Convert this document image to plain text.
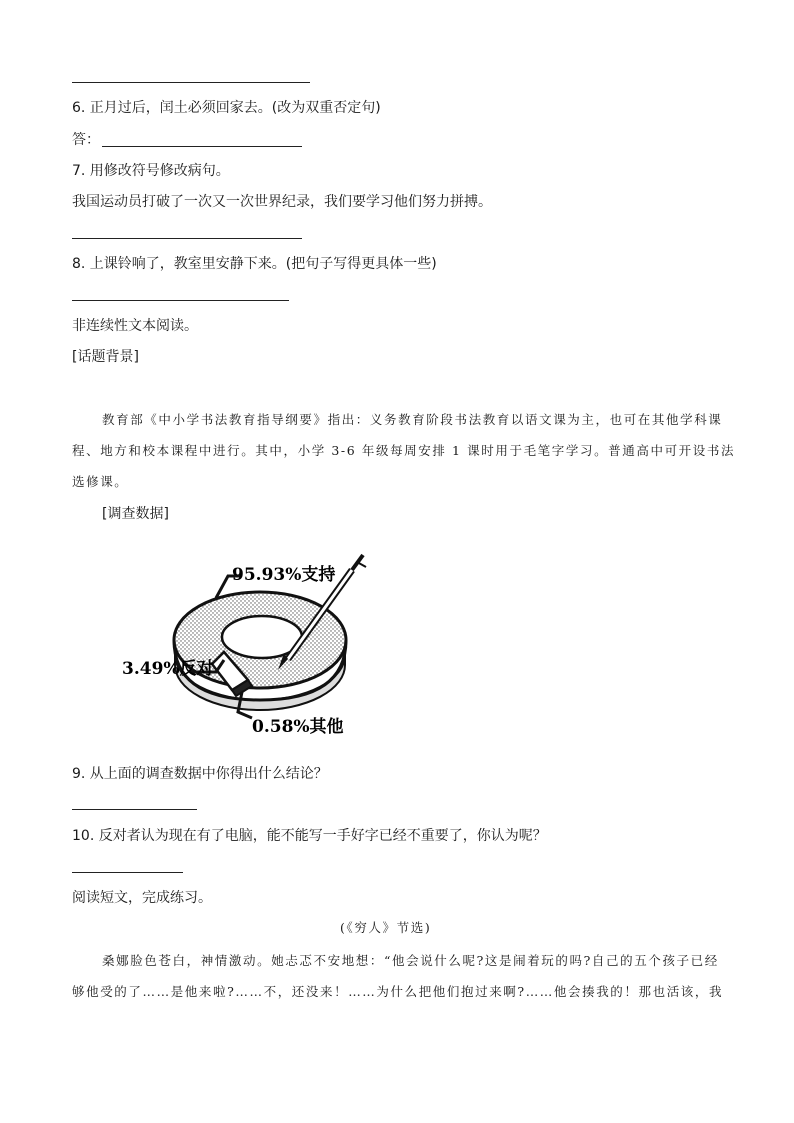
6. 正月过后，闰土必须回家去。(改为双重否定句)
答：
7. 用修改符号修改病句。
我国运动员打破了一次又一次世界纪录，我们要学习他们努力拼搏。
8. 上课铃响了，教室里安静下来。(把句子写得更具体一些)
非连续性文本阅读。
[话题背景]
教育部《中小学书法教育指导纲要》指出：义务教育阶段书法教育以语文课为主，也可在其他学科课
程、地方和校本课程中进行。其中，小学 3-6 年级每周安排 1 课时用于毛笔字学习。普通高中可开设书法
选修课。
[调查数据]
95.93%支持
3.49%反对
0.58%其他
9. 从上面的调查数据中你得出什么结论？
10. 反对者认为现在有了电脑，能不能写一手好字已经不重要了，你认为呢？
阅读短文，完成练习。
(《穷人》节选)
桑娜脸色苍白，神情激动。她忐忑不安地想：“他会说什么呢?这是闹着玩的吗?自己的五个孩子已经
够他受的了……是他来啦?……不，还没来！……为什么把他们抱过来啊?……他会揍我的！那也活该，我
